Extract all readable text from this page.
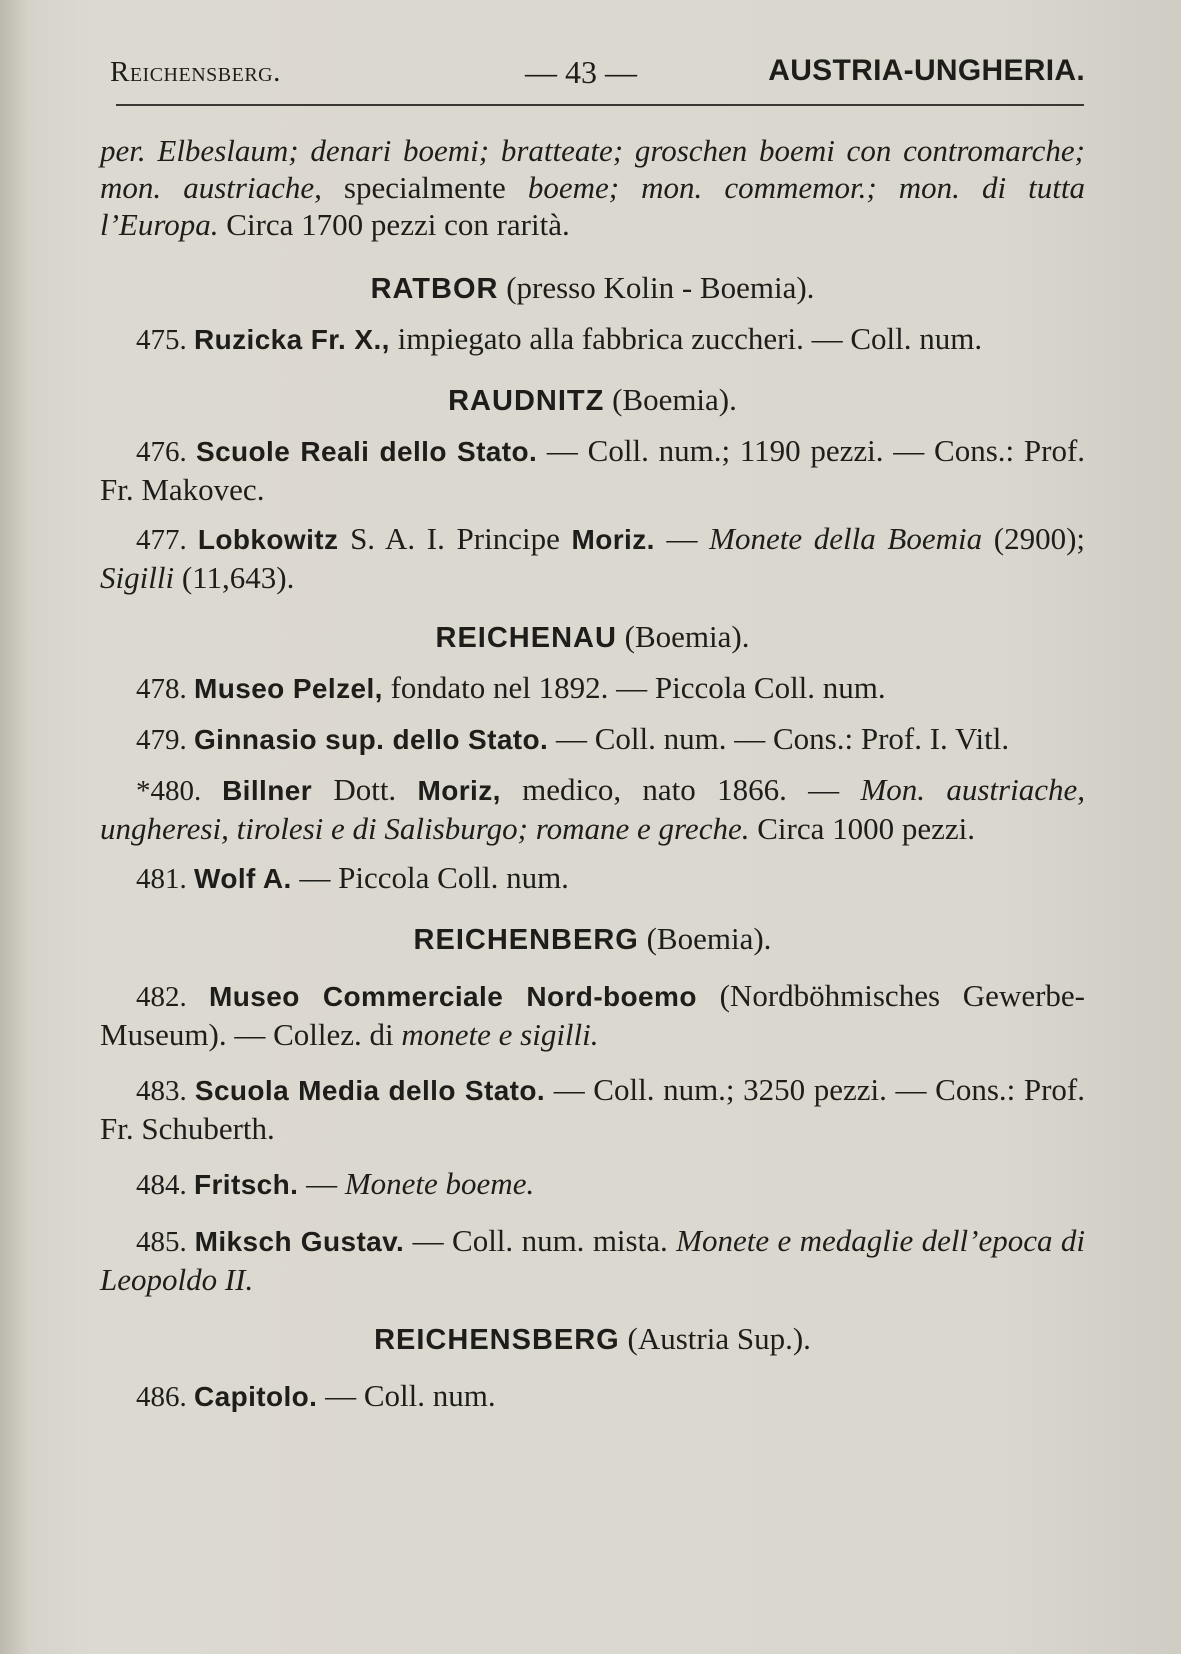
Reichensberg.	— 43 —	AUSTRIA-UNGHERIA.

per. Elbeslaum; denari boemi; bratteate; groschen boemi con contromarche; mon. austriache, specialmente boeme; mon. commemor.; mon. di tutta l’Europa. Circa 1700 pezzi con rarità.

RATBOR (presso Kolin - Boemia).

475. Ruzicka Fr. X., impiegato alla fabbrica zuccheri. — Coll. num.

RAUDNITZ (Boemia).

476. Scuole Reali dello Stato. — Coll. num.; 1190 pezzi. — Cons.: Prof. Fr. Makovec.

477. Lobkowitz S. A. I. Principe Moriz. — Monete della Boemia (2900); Sigilli (11,643).

REICHENAU (Boemia).

478. Museo Pelzel, fondato nel 1892. — Piccola Coll. num.

479. Ginnasio sup. dello Stato. — Coll. num. — Cons.: Prof. I. Vitl.

*480. Billner Dott. Moriz, medico, nato 1866. — Mon. austriache, ungheresi, tirolesi e di Salisburgo; romane e greche. Circa 1000 pezzi.

481. Wolf A. — Piccola Coll. num.

REICHENBERG (Boemia).

482. Museo Commerciale Nord-boemo (Nordböhmisches Gewerbe-Museum). — Collez. di monete e sigilli.

483. Scuola Media dello Stato. — Coll. num.; 3250 pezzi. — Cons.: Prof. Fr. Schuberth.

484. Fritsch. — Monete boeme.

485. Miksch Gustav. — Coll. num. mista. Monete e medaglie dell’epoca di Leopoldo II.

REICHENSBERG (Austria Sup.).

486. Capitolo. — Coll. num.
